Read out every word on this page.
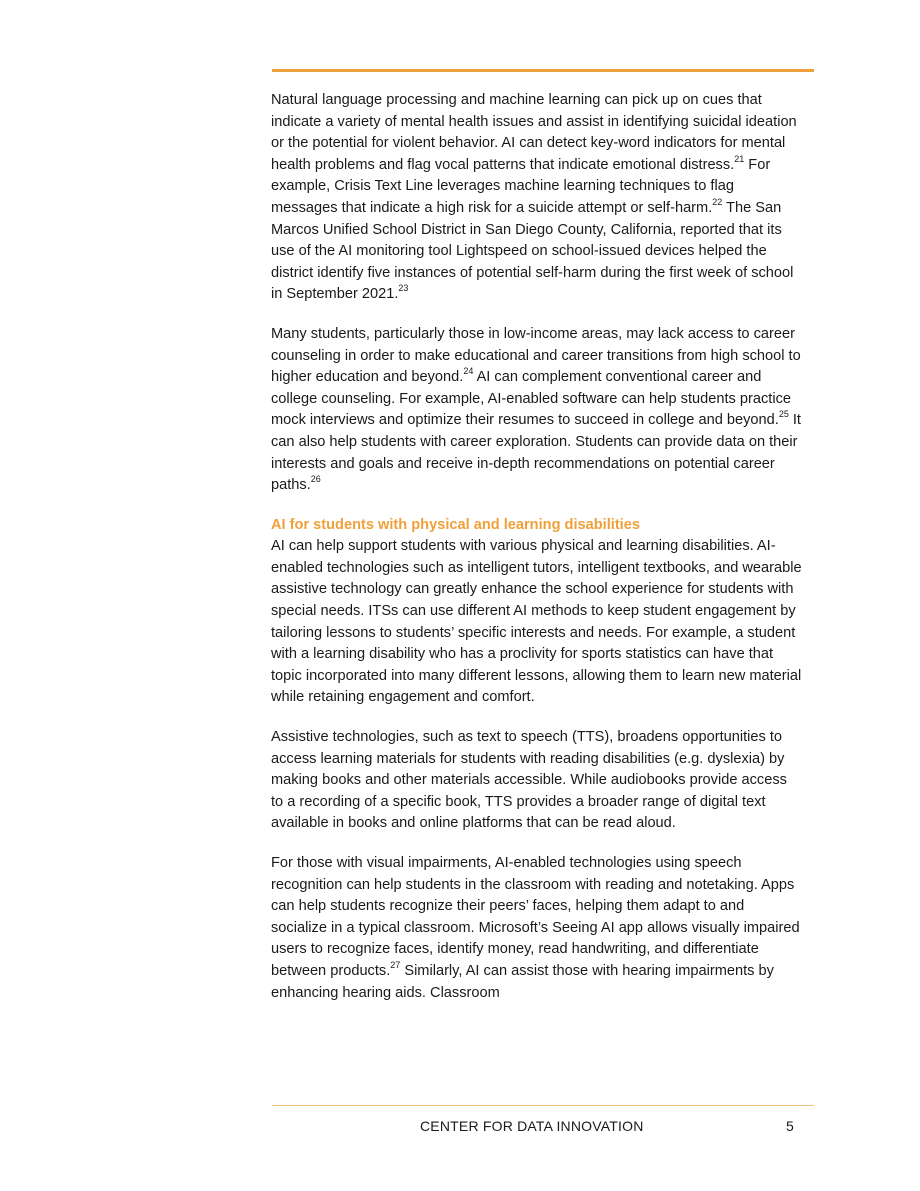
Natural language processing and machine learning can pick up on cues that indicate a variety of mental health issues and assist in identifying suicidal ideation or the potential for violent behavior. AI can detect key-word indicators for mental health problems and flag vocal patterns that indicate emotional distress.$^{21}$ For example, Crisis Text Line leverages machine learning techniques to flag messages that indicate a high risk for a suicide attempt or self-harm.$^{22}$ The San Marcos Unified School District in San Diego County, California, reported that its use of the AI monitoring tool Lightspeed on school-issued devices helped the district identify five instances of potential self-harm during the first week of school in September 2021.23

Many students, particularly those in low-income areas, may lack access to career counseling in order to make educational and career transitions from high school to higher education and beyond.$^{24}$ AI can complement conventional career and college counseling. For example, AI-enabled software can help students practice mock interviews and optimize their resumes to succeed in college and beyond.$^{25}$ It can also help students with career exploration. Students can provide data on their interests and goals and receive in-depth recommendations on potential career paths.$^{26}$

AI for students with physical and learning disabilities

AI can help support students with various physical and learning disabilities. AI-enabled technologies such as intelligent tutors, intelligent textbooks, and wearable assistive technology can greatly enhance the school experience for students with special needs. ITSs can use different AI methods to keep student engagement by tailoring lessons to students’ specific interests and needs. For example, a student with a learning disability who has a proclivity for sports statistics can have that topic incorporated into many different lessons, allowing them to learn new material while retaining engagement and comfort.

Assistive technologies, such as text to speech (TTS), broadens opportunities to access learning materials for students with reading disabilities (e.g. dyslexia) by making books and other materials accessible. While audiobooks provide access to a recording of a specific book, TTS provides a broader range of digital text available in books and online platforms that can be read aloud.

For those with visual impairments, AI-enabled technologies using speech recognition can help students in the classroom with reading and notetaking. Apps can help students recognize their peers’ faces, helping them adapt to and socialize in a typical classroom. Microsoft’s Seeing AI app allows visually impaired users to recognize faces, identify money, read handwriting, and differentiate between products.$^{27}$ Similarly, AI can assist those with hearing impairments by enhancing hearing aids. Classroom

CENTER FOR DATA INNOVATION	5
